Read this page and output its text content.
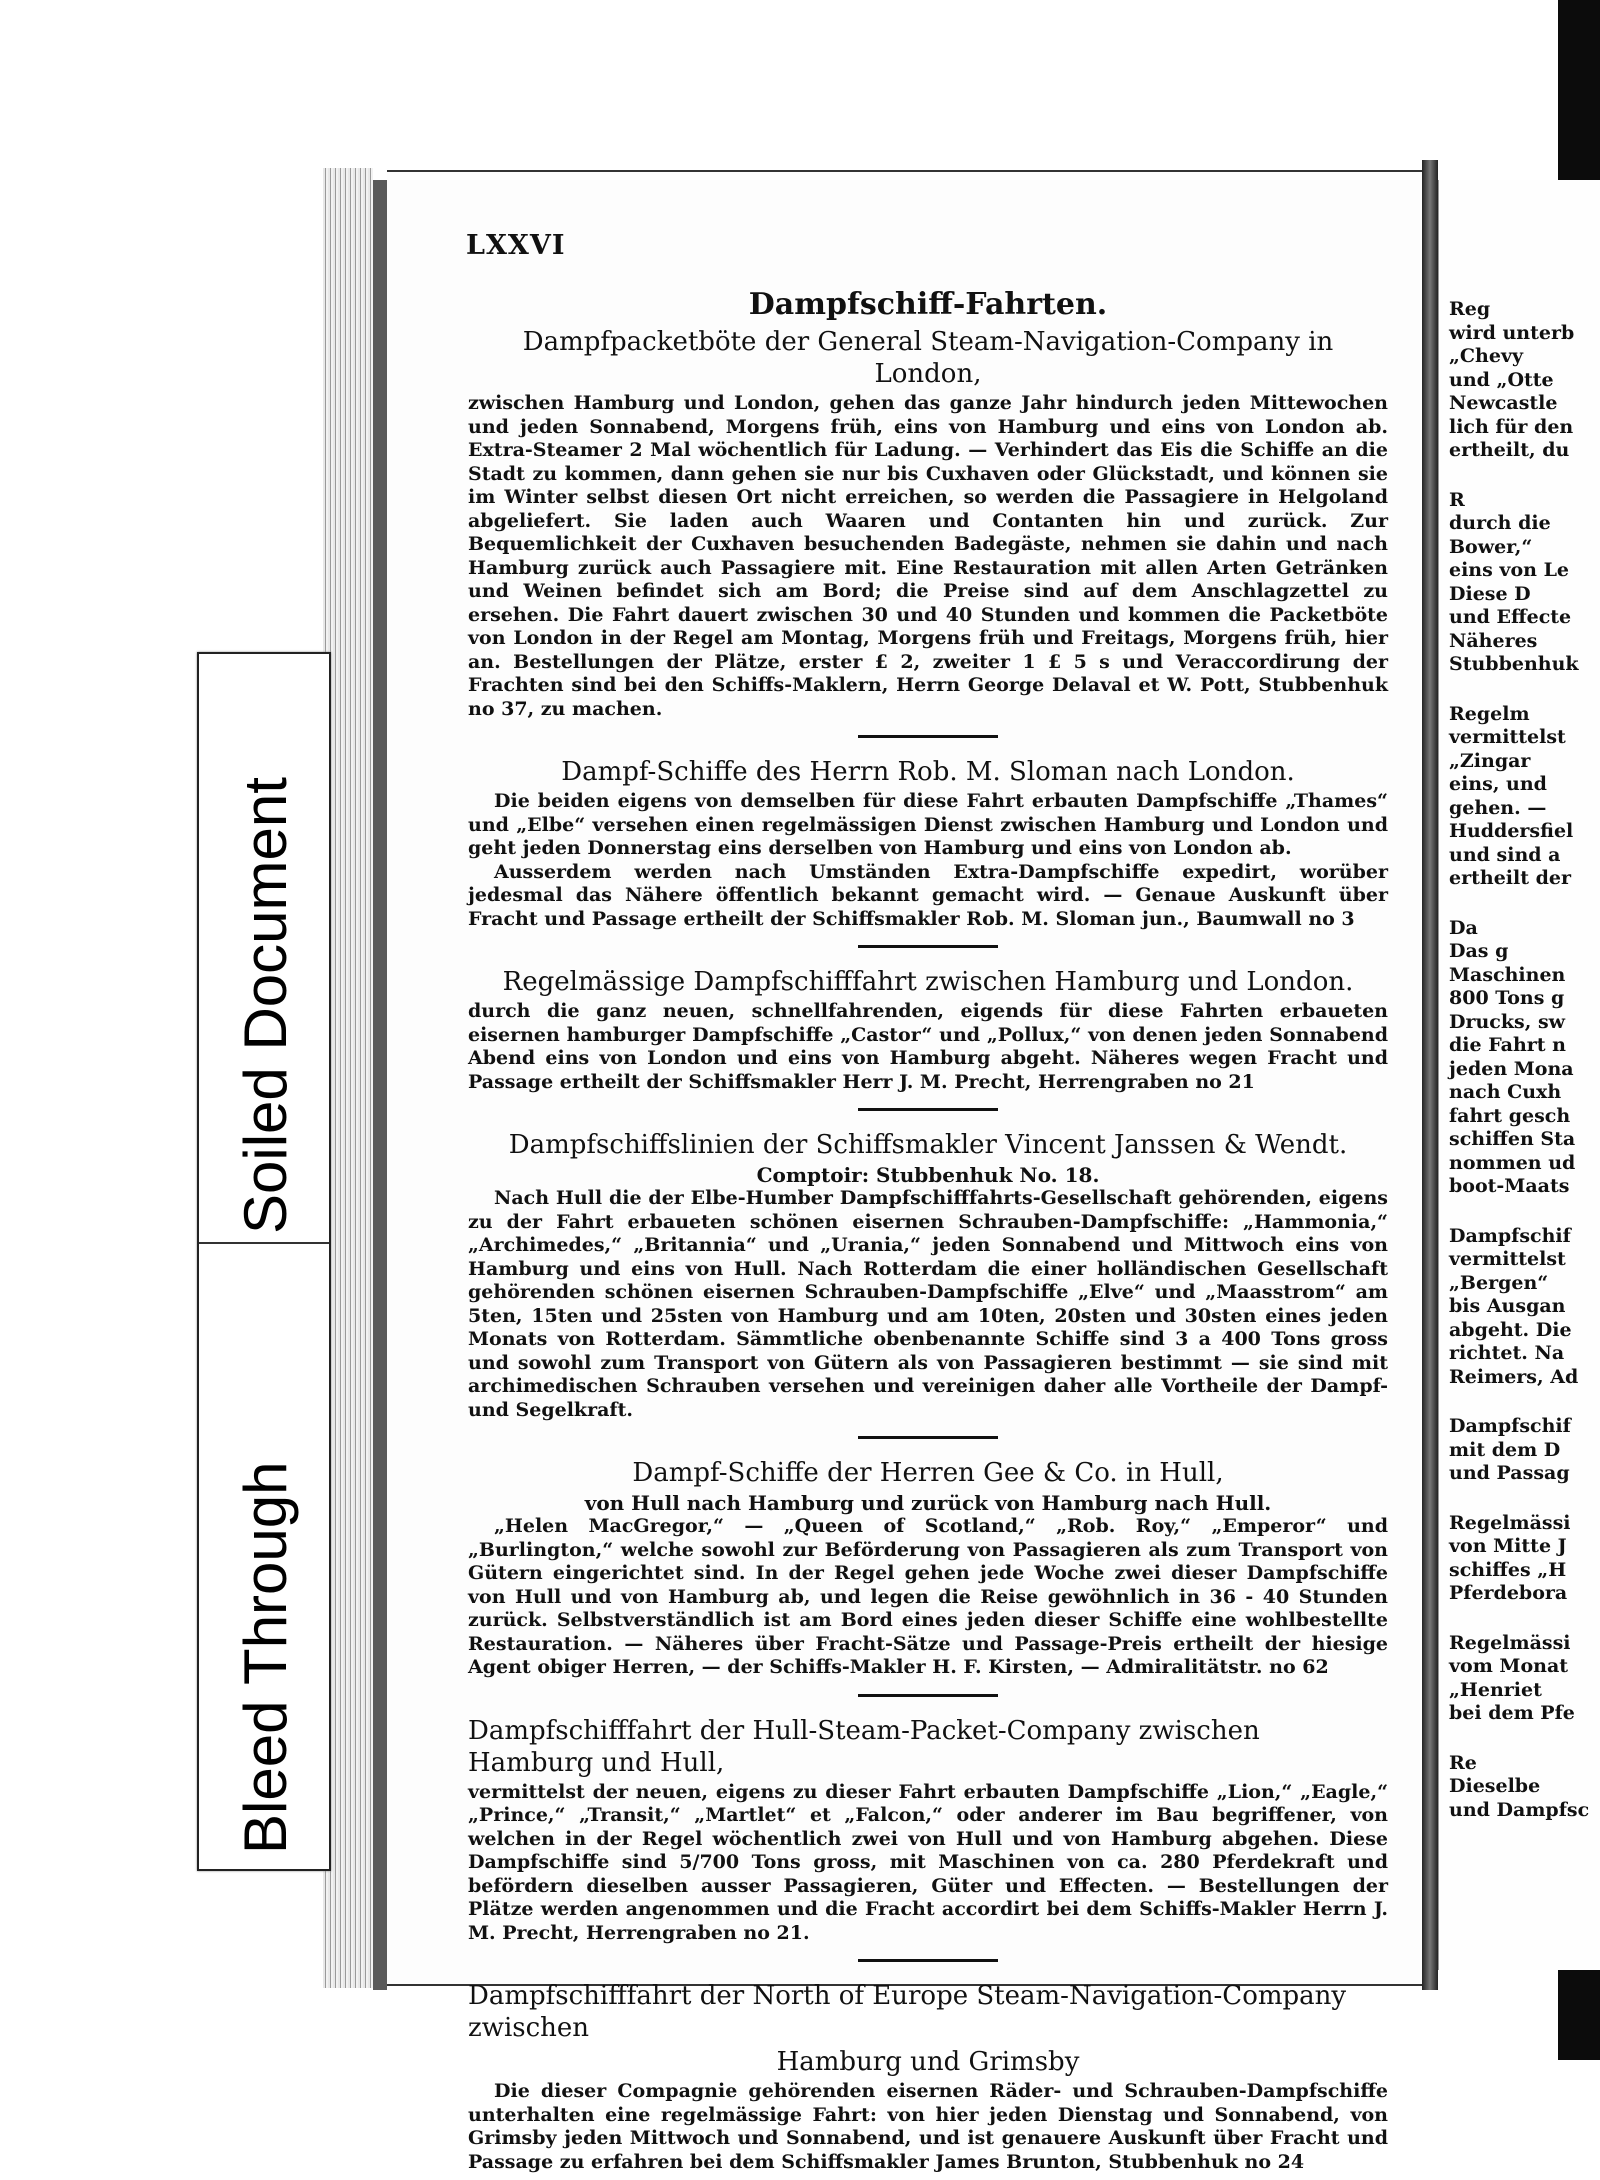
Reg
wird unterb
„Chevy
und „Otte
Newcastle
lich für den
ertheilt, du
R
durch die
Bower,“
eins von Le
Diese D
und Effecte
Näheres
Stubbenhuk
Regelm
vermittelst
„Zingar
eins, und
gehen. —
Huddersfiel
und sind a
ertheilt der
Da
Das g
Maschinen
800 Tons g
Drucks, sw
die Fahrt n
jeden Mona
nach Cuxh
fahrt gesch
schiffen Sta
nommen ud
boot-Maats
Dampfschif
vermittelst
„Bergen“
bis Ausgan
abgeht. Die
richtet. Na
Reimers, Ad
Dampfschif
mit dem D
und Passag
Regelmässi
von Mitte J
schiffes „H
Pferdebora
Regelmässi
vom Monat
„Henriet
bei dem Pfe
Re
Dieselbe
und Dampfsc
LXXVI
Dampfschiff-Fahrten.
Dampfpacketböte der General Steam-Navigation-Company in London,

zwischen Hamburg und London, gehen das ganze Jahr hindurch jeden Mittewochen und jeden Sonnabend, Morgens früh, eins von Hamburg und eins von London ab. Extra-Steamer 2 Mal wöchentlich für Ladung. — Verhindert das Eis die Schiffe an die Stadt zu kommen, dann gehen sie nur bis Cuxhaven oder Glückstadt, und können sie im Winter selbst diesen Ort nicht erreichen, so werden die Passagiere in Helgoland abgeliefert. Sie laden auch Waaren und Contanten hin und zurück. Zur Bequemlichkeit der Cuxhaven besuchenden Badegäste, nehmen sie dahin und nach Hamburg zurück auch Passagiere mit. Eine Restauration mit allen Arten Getränken und Weinen befindet sich am Bord; die Preise sind auf dem Anschlagzettel zu ersehen. Die Fahrt dauert zwischen 30 und 40 Stunden und kommen die Packetböte von London in der Regel am Montag, Morgens früh und Freitags, Morgens früh, hier an. Bestellungen der Plätze, erster £ 2, zweiter 1 £ 5 s und Veraccordirung der Frachten sind bei den Schiffs-Maklern, Herrn George Delaval et W. Pott, Stubbenhuk no 37, zu machen.

Dampf-Schiffe des Herrn Rob. M. Sloman nach London.

Die beiden eigens von demselben für diese Fahrt erbauten Dampfschiffe „Thames“ und „Elbe“ versehen einen regelmässigen Dienst zwischen Hamburg und London und geht jeden Donnerstag eins derselben von Hamburg und eins von London ab.

Ausserdem werden nach Umständen Extra-Dampfschiffe expedirt, worüber jedesmal das Nähere öffentlich bekannt gemacht wird. — Genaue Auskunft über Fracht und Passage ertheilt der Schiffsmakler Rob. M. Sloman jun., Baumwall no 3

Regelmässige Dampfschifffahrt zwischen Hamburg und London.

durch die ganz neuen, schnellfahrenden, eigends für diese Fahrten erbaueten eisernen hamburger Dampfschiffe „Castor“ und „Pollux,“ von denen jeden Sonnabend Abend eins von London und eins von Hamburg abgeht. Näheres wegen Fracht und Passage ertheilt der Schiffsmakler Herr J. M. Precht, Herrengraben no 21

Dampfschiffslinien der Schiffsmakler Vincent Janssen & Wendt.
Comptoir: Stubbenhuk No. 18.

Nach Hull die der Elbe-Humber Dampfschifffahrts-Gesellschaft gehörenden, eigens zu der Fahrt erbaueten schönen eisernen Schrauben-Dampfschiffe: „Hammonia,“ „Archimedes,“ „Britannia“ und „Urania,“ jeden Sonnabend und Mittwoch eins von Hamburg und eins von Hull. Nach Rotterdam die einer holländischen Gesellschaft gehörenden schönen eisernen Schrauben-Dampfschiffe „Elve“ und „Maasstrom“ am 5ten, 15ten und 25sten von Hamburg und am 10ten, 20sten und 30sten eines jeden Monats von Rotterdam. Sämmtliche obenbenannte Schiffe sind 3 a 400 Tons gross und sowohl zum Transport von Gütern als von Passagieren bestimmt — sie sind mit archimedischen Schrauben versehen und vereinigen daher alle Vortheile der Dampf- und Segelkraft.

Dampf-Schiffe der Herren Gee & Co. in Hull,
von Hull nach Hamburg und zurück von Hamburg nach Hull.

„Helen MacGregor,“ — „Queen of Scotland,“ „Rob. Roy,“ „Emperor“ und „Burlington,“ welche sowohl zur Beförderung von Passagieren als zum Transport von Gütern eingerichtet sind. In der Regel gehen jede Woche zwei dieser Dampfschiffe von Hull und von Hamburg ab, und legen die Reise gewöhnlich in 36 - 40 Stunden zurück. Selbstverständlich ist am Bord eines jeden dieser Schiffe eine wohlbestellte Restauration. — Näheres über Fracht-Sätze und Passage-Preis ertheilt der hiesige Agent obiger Herren, — der Schiffs-Makler H. F. Kirsten, — Admiralitätstr. no 62

Dampfschifffahrt der Hull-Steam-Packet-Company zwischen Hamburg und Hull,

vermittelst der neuen, eigens zu dieser Fahrt erbauten Dampfschiffe „Lion,“ „Eagle,“ „Prince,“ „Transit,“ „Martlet“ et „Falcon,“ oder anderer im Bau begriffener, von welchen in der Regel wöchentlich zwei von Hull und von Hamburg abgehen. Diese Dampfschiffe sind 5/700 Tons gross, mit Maschinen von ca. 280 Pferdekraft und befördern dieselben ausser Passagieren, Güter und Effecten. — Bestellungen der Plätze werden angenommen und die Fracht accordirt bei dem Schiffs-Makler Herrn J. M. Precht, Herrengraben no 21.

Dampfschifffahrt der North of Europe Steam-Navigation-Company zwischen
Hamburg und Grimsby

Die dieser Compagnie gehörenden eisernen Räder- und Schrauben-Dampfschiffe unterhalten eine regelmässige Fahrt: von hier jeden Dienstag und Sonnabend, von Grimsby jeden Mittwoch und Sonnabend, und ist genauere Auskunft über Fracht und Passage zu erfahren bei dem Schiffsmakler James Brunton, Stubbenhuk no 24

Soiled Document
Bleed Through
